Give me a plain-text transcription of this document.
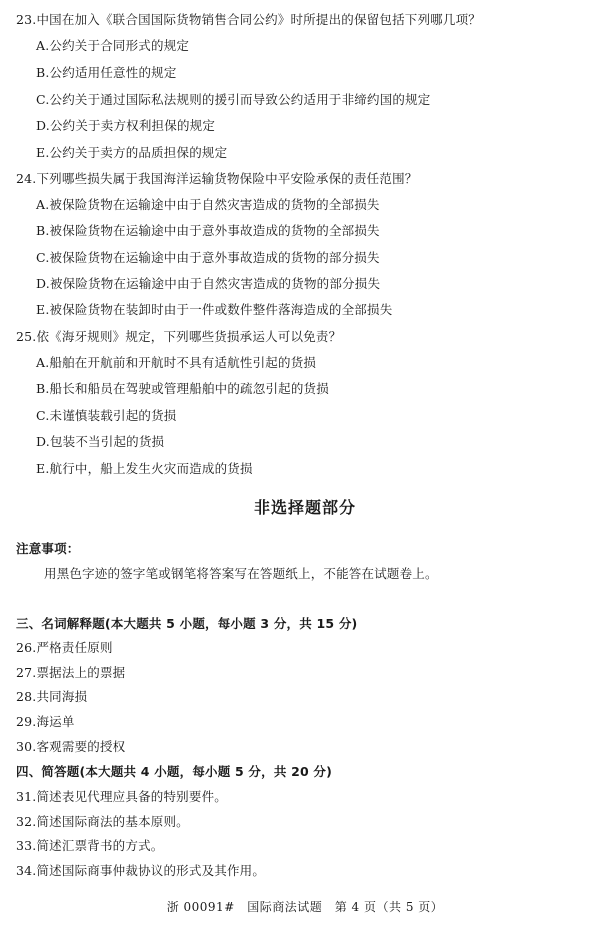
23.中国在加入《联合国国际货物销售合同公约》时所提出的保留包括下列哪几项？
A.公约关于合同形式的规定
B.公约适用任意性的规定
C.公约关于通过国际私法规则的援引而导致公约适用于非缔约国的规定
D.公约关于卖方权利担保的规定
E.公约关于卖方的品质担保的规定
24.下列哪些损失属于我国海洋运输货物保险中平安险承保的责任范围？
A.被保险货物在运输途中由于自然灾害造成的货物的全部损失
B.被保险货物在运输途中由于意外事故造成的货物的全部损失
C.被保险货物在运输途中由于意外事故造成的货物的部分损失
D.被保险货物在运输途中由于自然灾害造成的货物的部分损失
E.被保险货物在装卸时由于一件或数件整件落海造成的全部损失
25.依《海牙规则》规定，下列哪些货损承运人可以免责？
A.船舶在开航前和开航时不具有适航性引起的货损
B.船长和船员在驾驶或管理船舶中的疏忽引起的货损
C.未谨慎装载引起的货损
D.包装不当引起的货损
E.航行中，船上发生火灾而造成的货损
非选择题部分
注意事项：
用黑色字迹的签字笔或钢笔将答案写在答题纸上，不能答在试题卷上。
三、名词解释题(本大题共 5 小题，每小题 3 分，共 15 分)
26.严格责任原则
27.票据法上的票据
28.共同海损
29.海运单
30.客观需要的授权
四、简答题(本大题共 4 小题，每小题 5 分，共 20 分)
31.简述表见代理应具备的特别要件。
32.简述国际商法的基本原则。
33.简述汇票背书的方式。
34.简述国际商事仲裁协议的形式及其作用。
浙 00091#　国际商法试题　第 4 页（共 5 页）
